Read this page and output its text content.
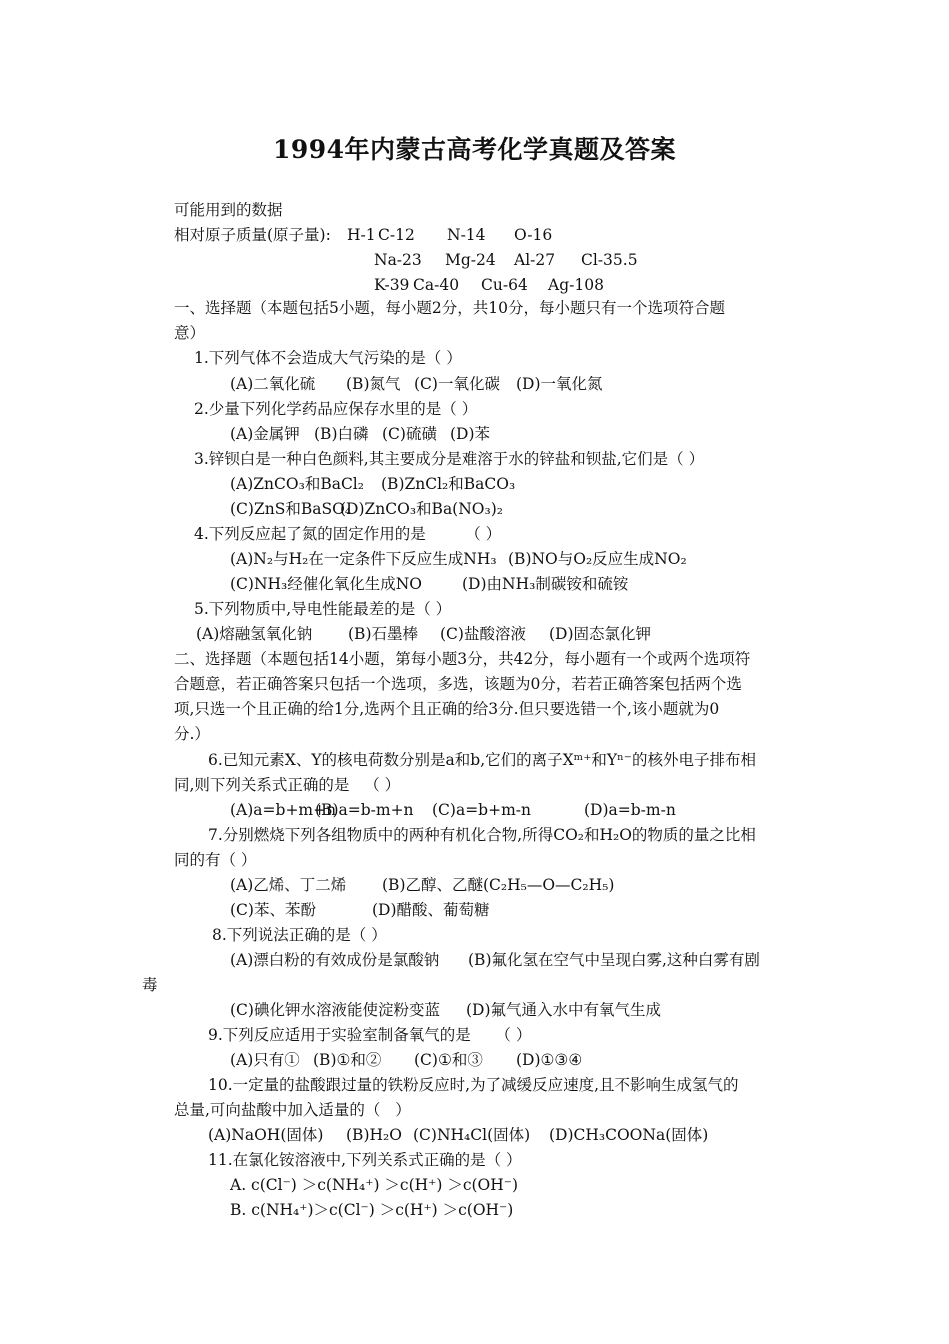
1994年内蒙古高考化学真题及答案
可能用到的数据
相对原子质量(原子量): H-1 C-12 N-14 O-16
Na-23 Mg-24 Al-27 Cl-35.5
K-39 Ca-40 Cu-64 Ag-108
一、选择题（本题包括5小题，每小题2分，共10分，每小题只有一个选项符合题
意）
1.下列气体不会造成大气污染的是（ ）
(A)二氧化硫 (B)氮气 (C)一氧化碳 (D)一氧化氮
2.少量下列化学药品应保存水里的是（ ）
(A)金属钾 (B)白磷 (C)硫磺 (D)苯
3.锌钡白是一种白色颜料,其主要成分是难溶于水的锌盐和钡盐,它们是（ ）
(A)ZnCO₃和BaCl₂ (B)ZnCl₂和BaCO₃
(C)ZnS和BaSO₄
(D)ZnCO₃和Ba(NO₃)₂
4.下列反应起了氮的固定作用的是        （ ）
(A)N₂与H₂在一定条件下反应生成NH₃ (B)NO与O₂反应生成NO₂
(C)NH₃经催化氧化生成NO	(D)由NH₃制碳铵和硫铵
5.下列物质中,导电性能最差的是（ ）
(A)熔融氢氧化钠 (B)石墨棒 (C)盐酸溶液 (D)固态氯化钾
二、选择题（本题包括14小题，第每小题3分，共42分，每小题有一个或两个选项符
合题意，若正确答案只包括一个选项，多选，该题为0分，若若正确答案包括两个选
项,只选一个且正确的给1分,选两个且正确的给3分.但只要选错一个,该小题就为0
分.）
6.已知元素X、Y的核电荷数分别是a和b,它们的离子Xᵐ⁺和Yⁿ⁻的核外电子排布相
同,则下列关系式正确的是   （ ）
(A)a=b+m+n
(B)a=b-m+n (C)a=b+m-n	(D)a=b-m-n
7.分别燃烧下列各组物质中的两种有机化合物,所得CO₂和H₂O的物质的量之比相
同的有（ ）
(A)乙烯、丁二烯 (B)乙醇、乙醚(C₂H₅—O—C₂H₅)
(C)苯、苯酚	(D)醋酸、葡萄糖
8.下列说法正确的是（ ）
(A)漂白粉的有效成份是氯酸钠 (B)氟化氢在空气中呈现白雾,这种白雾有剧
毒
(C)碘化钾水溶液能使淀粉变蓝 (D)氟气通入水中有氧气生成
9.下列反应适用于实验室制备氧气的是     （ ）
(A)只有① (B)①和② (C)①和③ (D)①③④
10.一定量的盐酸跟过量的铁粉反应时,为了减缓反应速度,且不影响生成氢气的
总量,可向盐酸中加入适量的（   ）
(A)NaOH(固体) (B)H₂O (C)NH₄Cl(固体) (D)CH₃COONa(固体)
11.在氯化铵溶液中,下列关系式正确的是（ ）
A. c(Cl⁻) ＞c(NH₄⁺) ＞c(H⁺) ＞c(OH⁻)
B. c(NH₄⁺)＞c(Cl⁻) ＞c(H⁺) ＞c(OH⁻)
